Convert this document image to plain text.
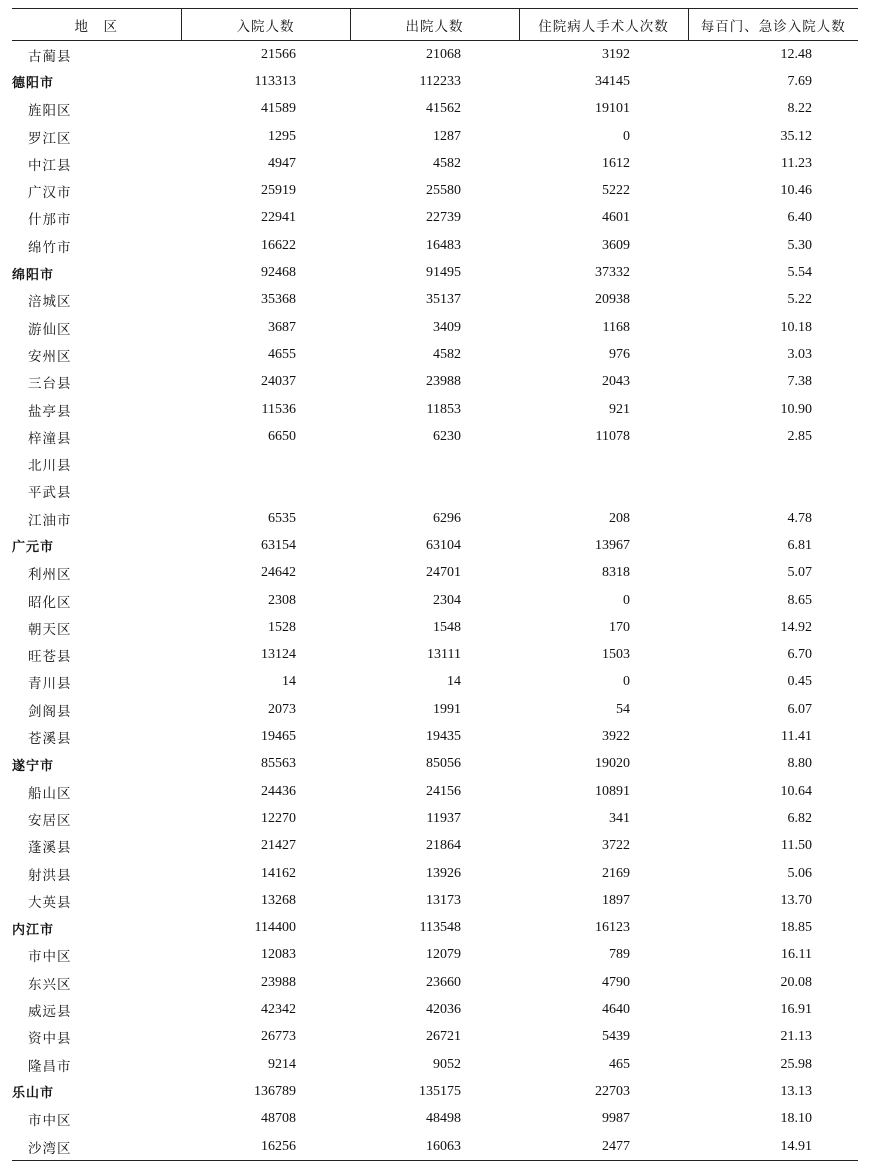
地　区	入院人数	出院人数	住院病人手术人次数	每百门、急诊入院人数
古蔺县	21566	21068	3192	12.48
德阳市	113313	112233	34145	7.69
旌阳区	41589	41562	19101	8.22
罗江区	1295	1287	0	35.12
中江县	4947	4582	1612	11.23
广汉市	25919	25580	5222	10.46
什邡市	22941	22739	4601	6.40
绵竹市	16622	16483	3609	5.30
绵阳市	92468	91495	37332	5.54
涪城区	35368	35137	20938	5.22
游仙区	3687	3409	1168	10.18
安州区	4655	4582	976	3.03
三台县	24037	23988	2043	7.38
盐亭县	11536	11853	921	10.90
梓潼县	6650	6230	11078	2.85
北川县				
平武县				
江油市	6535	6296	208	4.78
广元市	63154	63104	13967	6.81
利州区	24642	24701	8318	5.07
昭化区	2308	2304	0	8.65
朝天区	1528	1548	170	14.92
旺苍县	13124	13111	1503	6.70
青川县	14	14	0	0.45
剑阁县	2073	1991	54	6.07
苍溪县	19465	19435	3922	11.41
遂宁市	85563	85056	19020	8.80
船山区	24436	24156	10891	10.64
安居区	12270	11937	341	6.82
蓬溪县	21427	21864	3722	11.50
射洪县	14162	13926	2169	5.06
大英县	13268	13173	1897	13.70
内江市	114400	113548	16123	18.85
市中区	12083	12079	789	16.11
东兴区	23988	23660	4790	20.08
威远县	42342	42036	4640	16.91
资中县	26773	26721	5439	21.13
隆昌市	9214	9052	465	25.98
乐山市	136789	135175	22703	13.13
市中区	48708	48498	9987	18.10
沙湾区	16256	16063	2477	14.91
